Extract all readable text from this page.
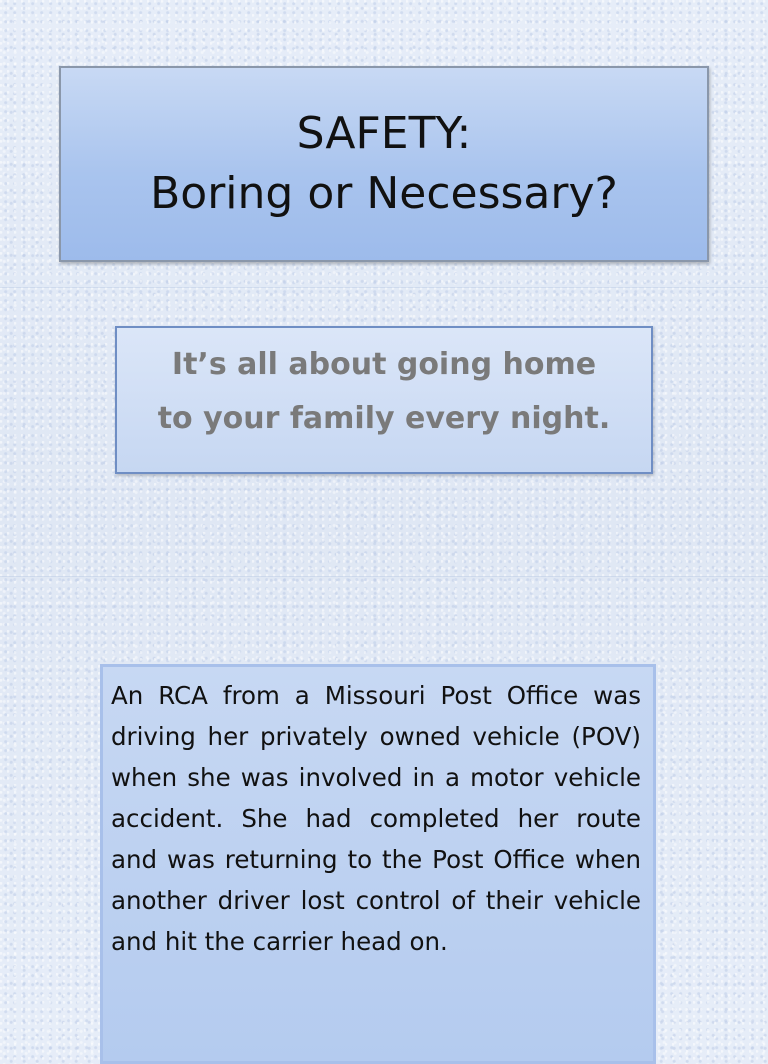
SAFETY:
Boring or Necessary?
It’s all about going home
to your family every night.

An RCA from a Missouri Post Office was driving her privately owned vehicle (POV) when she was involved in a motor vehicle accident. She had completed her route and was returning to the Post Office when another driver lost control of their vehicle and hit the carrier head on.
